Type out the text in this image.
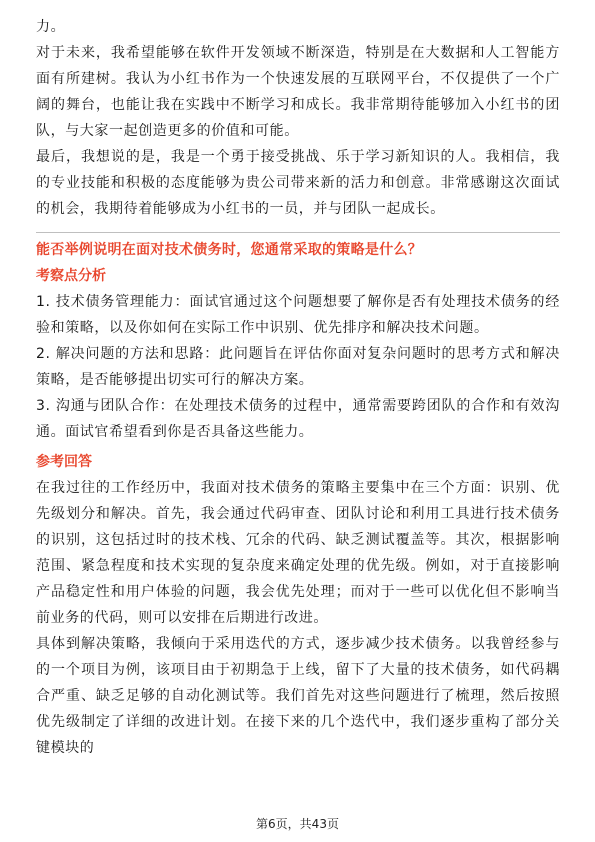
力。

对于未来，我希望能够在软件开发领域不断深造，特别是在大数据和人工智能方面有所建树。我认为小红书作为一个快速发展的互联网平台，不仅提供了一个广阔的舞台，也能让我在实践中不断学习和成长。我非常期待能够加入小红书的团队，与大家一起创造更多的价值和可能。

最后，我想说的是，我是一个勇于接受挑战、乐于学习新知识的人。我相信，我的专业技能和积极的态度能够为贵公司带来新的活力和创意。非常感谢这次面试的机会，我期待着能够成为小红书的一员，并与团队一起成长。

能否举例说明在面对技术债务时，您通常采取的策略是什么？

考察点分析

1. 技术债务管理能力：面试官通过这个问题想要了解你是否有处理技术债务的经验和策略，以及你如何在实际工作中识别、优先排序和解决技术问题。

2. 解决问题的方法和思路：此问题旨在评估你面对复杂问题时的思考方式和解决策略，是否能够提出切实可行的解决方案。

3. 沟通与团队合作：在处理技术债务的过程中，通常需要跨团队的合作和有效沟通。面试官希望看到你是否具备这些能力。

参考回答

在我过往的工作经历中，我面对技术债务的策略主要集中在三个方面：识别、优先级划分和解决。首先，我会通过代码审查、团队讨论和利用工具进行技术债务的识别，这包括过时的技术栈、冗余的代码、缺乏测试覆盖等。其次，根据影响范围、紧急程度和技术实现的复杂度来确定处理的优先级。例如，对于直接影响产品稳定性和用户体验的问题，我会优先处理；而对于一些可以优化但不影响当前业务的代码，则可以安排在后期进行改进。

具体到解决策略，我倾向于采用迭代的方式，逐步减少技术债务。以我曾经参与的一个项目为例，该项目由于初期急于上线，留下了大量的技术债务，如代码耦合严重、缺乏足够的自动化测试等。我们首先对这些问题进行了梳理，然后按照优先级制定了详细的改进计划。在接下来的几个迭代中，我们逐步重构了部分关键模块的

第6页，共43页
